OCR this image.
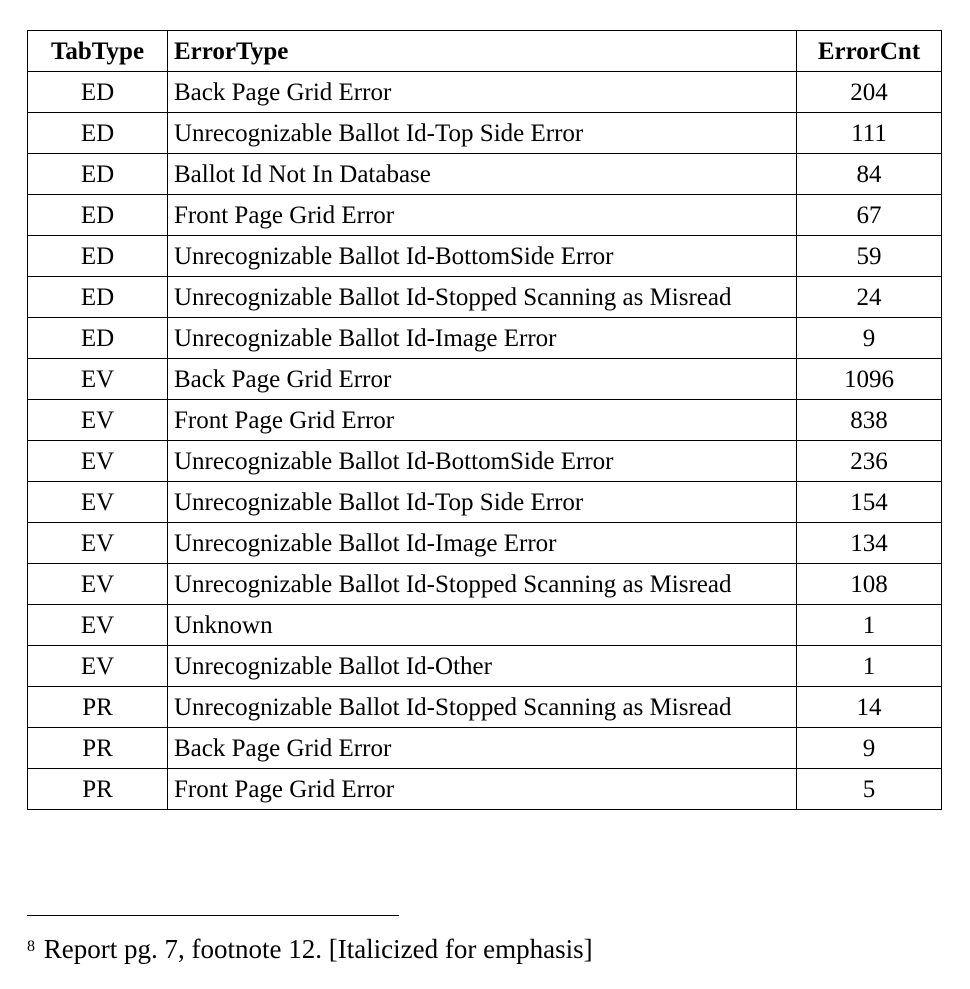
TabType	ErrorType	ErrorCnt
ED	Back Page Grid Error	204
ED	Unrecognizable Ballot Id-Top Side Error	111
ED	Ballot Id Not In Database	84
ED	Front Page Grid Error	67
ED	Unrecognizable Ballot Id-BottomSide Error	59
ED	Unrecognizable Ballot Id-Stopped Scanning as Misread	24
ED	Unrecognizable Ballot Id-Image Error	9
EV	Back Page Grid Error	1096
EV	Front Page Grid Error	838
EV	Unrecognizable Ballot Id-BottomSide Error	236
EV	Unrecognizable Ballot Id-Top Side Error	154
EV	Unrecognizable Ballot Id-Image Error	134
EV	Unrecognizable Ballot Id-Stopped Scanning as Misread	108
EV	Unknown	1
EV	Unrecognizable Ballot Id-Other	1
PR	Unrecognizable Ballot Id-Stopped Scanning as Misread	14
PR	Back Page Grid Error	9
PR	Front Page Grid Error	5
$^8$ Report pg. 7, footnote 12. [Italicized for emphasis]
